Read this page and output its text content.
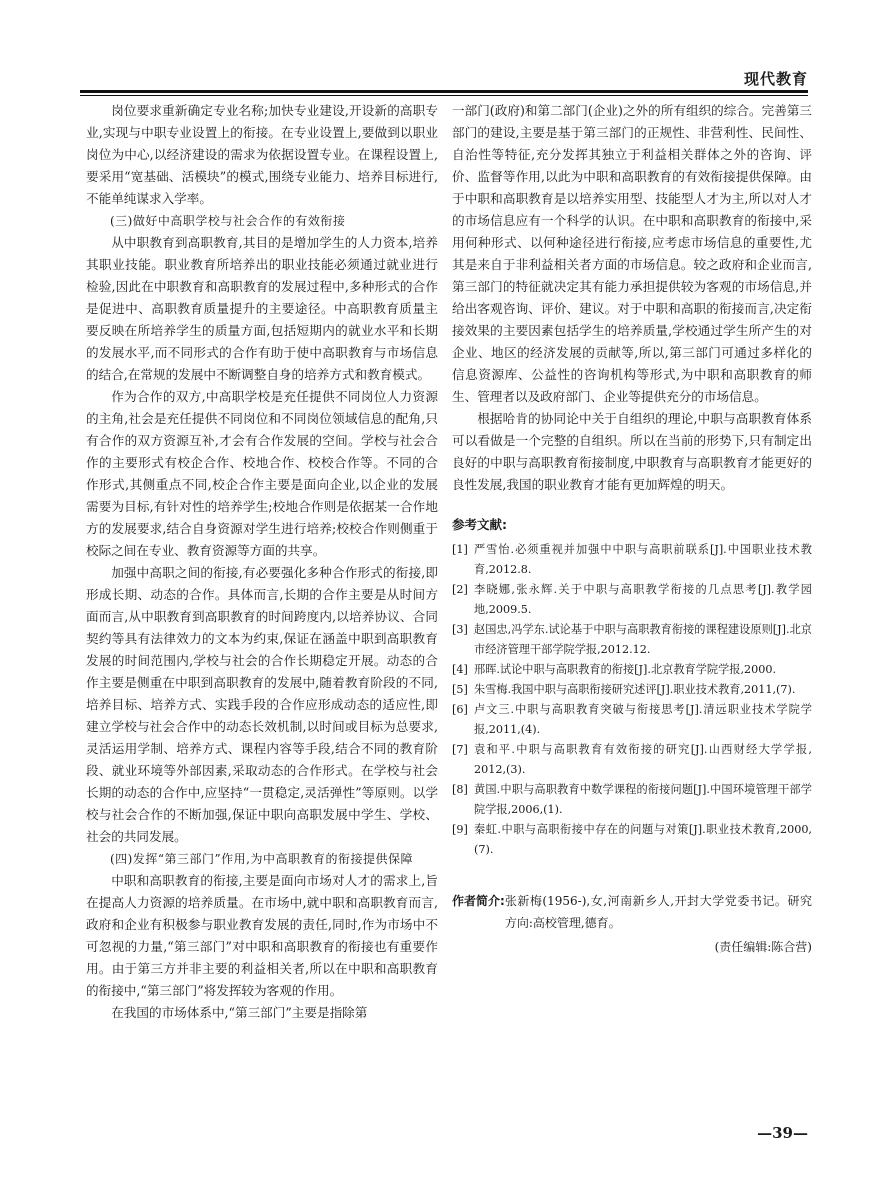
现代教育

岗位要求重新确定专业名称;加快专业建设,开设新的高职专业,实现与中职专业设置上的衔接。在专业设置上,要做到以职业岗位为中心,以经济建设的需求为依据设置专业。在课程设置上,要采用“宽基础、活模块”的模式,围绕专业能力、培养目标进行,不能单纯谋求入学率。

(三)做好中高职学校与社会合作的有效衔接

从中职教育到高职教育,其目的是增加学生的人力资本,培养其职业技能。职业教育所培养出的职业技能必须通过就业进行检验,因此在中职教育和高职教育的发展过程中,多种形式的合作是促进中、高职教育质量提升的主要途径。中高职教育质量主要反映在所培养学生的质量方面,包括短期内的就业水平和长期的发展水平,而不同形式的合作有助于使中高职教育与市场信息的结合,在常规的发展中不断调整自身的培养方式和教育模式。

作为合作的双方,中高职学校是充任提供不同岗位人力资源的主角,社会是充任提供不同岗位和不同岗位领域信息的配角,只有合作的双方资源互补,才会有合作发展的空间。学校与社会合作的主要形式有校企合作、校地合作、校校合作等。不同的合作形式,其侧重点不同,校企合作主要是面向企业,以企业的发展需要为目标,有针对性的培养学生;校地合作则是依据某一合作地方的发展要求,结合自身资源对学生进行培养;校校合作则侧重于校际之间在专业、教育资源等方面的共享。

加强中高职之间的衔接,有必要强化多种合作形式的衔接,即形成长期、动态的合作。具体而言,长期的合作主要是从时间方面而言,从中职教育到高职教育的时间跨度内,以培养协议、合同契约等具有法律效力的文本为约束,保证在涵盖中职到高职教育发展的时间范围内,学校与社会的合作长期稳定开展。动态的合作主要是侧重在中职到高职教育的发展中,随着教育阶段的不同,培养目标、培养方式、实践手段的合作应形成动态的适应性,即建立学校与社会合作中的动态长效机制,以时间或目标为总要求,灵活运用学制、培养方式、课程内容等手段,结合不同的教育阶段、就业环境等外部因素,采取动态的合作形式。在学校与社会长期的动态的合作中,应坚持“一贯稳定,灵活弹性”等原则。以学校与社会合作的不断加强,保证中职向高职发展中学生、学校、社会的共同发展。

(四)发挥“第三部门”作用,为中高职教育的衔接提供保障

中职和高职教育的衔接,主要是面向市场对人才的需求上,旨在提高人力资源的培养质量。在市场中,就中职和高职教育而言,政府和企业有积极参与职业教育发展的责任,同时,作为市场中不可忽视的力量,“第三部门”对中职和高职教育的衔接也有重要作用。由于第三方并非主要的利益相关者,所以在中职和高职教育的衔接中,“第三部门”将发挥较为客观的作用。

在我国的市场体系中,“第三部门”主要是指除第

一部门(政府)和第二部门(企业)之外的所有组织的综合。完善第三部门的建设,主要是基于第三部门的正规性、非营利性、民间性、自治性等特征,充分发挥其独立于利益相关群体之外的咨询、评价、监督等作用,以此为中职和高职教育的有效衔接提供保障。由于中职和高职教育是以培养实用型、技能型人才为主,所以对人才的市场信息应有一个科学的认识。在中职和高职教育的衔接中,采用何种形式、以何种途径进行衔接,应考虑市场信息的重要性,尤其是来自于非利益相关者方面的市场信息。较之政府和企业而言,第三部门的特征就决定其有能力承担提供较为客观的市场信息,并给出客观咨询、评价、建议。对于中职和高职的衔接而言,决定衔接效果的主要因素包括学生的培养质量,学校通过学生所产生的对企业、地区的经济发展的贡献等,所以,第三部门可通过多样化的信息资源库、公益性的咨询机构等形式,为中职和高职教育的师生、管理者以及政府部门、企业等提供充分的市场信息。

根据哈肯的协同论中关于自组织的理论,中职与高职教育体系可以看做是一个完整的自组织。所以在当前的形势下,只有制定出良好的中职与高职教育衔接制度,中职教育与高职教育才能更好的良性发展,我国的职业教育才能有更加辉煌的明天。

参考文献:
[1] 严雪怡.必须重视并加强中中职与高职前联系[J].中国职业技术教育,2012.8.
[2] 李晓娜,张永辉.关于中职与高职教学衔接的几点思考[J].教学园地,2009.5.
[3] 赵国忠,冯学东.试论基于中职与高职教育衔接的课程建设原则[J].北京市经济管理干部学院学报,2012.12.
[4] 邢晖.试论中职与高职教育的衔接[J].北京教育学院学报,2000.
[5] 朱雪梅.我国中职与高职衔接研究述评[J].职业技术教育,2011,(7).
[6] 卢文三.中职与高职教育突破与衔接思考[J].清远职业技术学院学报,2011,(4).
[7] 袁和平.中职与高职教育有效衔接的研究[J].山西财经大学学报, 2012,(3).
[8] 黄国.中职与高职教育中数学课程的衔接问题[J].中国环境管理干部学院学报,2006,(1).
[9] 秦虹.中职与高职衔接中存在的问题与对策[J].职业技术教育,2000,(7).
作者简介: 张新梅(1956-),女,河南新乡人,开封大学党委书记。研究方向:高校管理,德育。
(责任编辑:陈合营)
—39—
